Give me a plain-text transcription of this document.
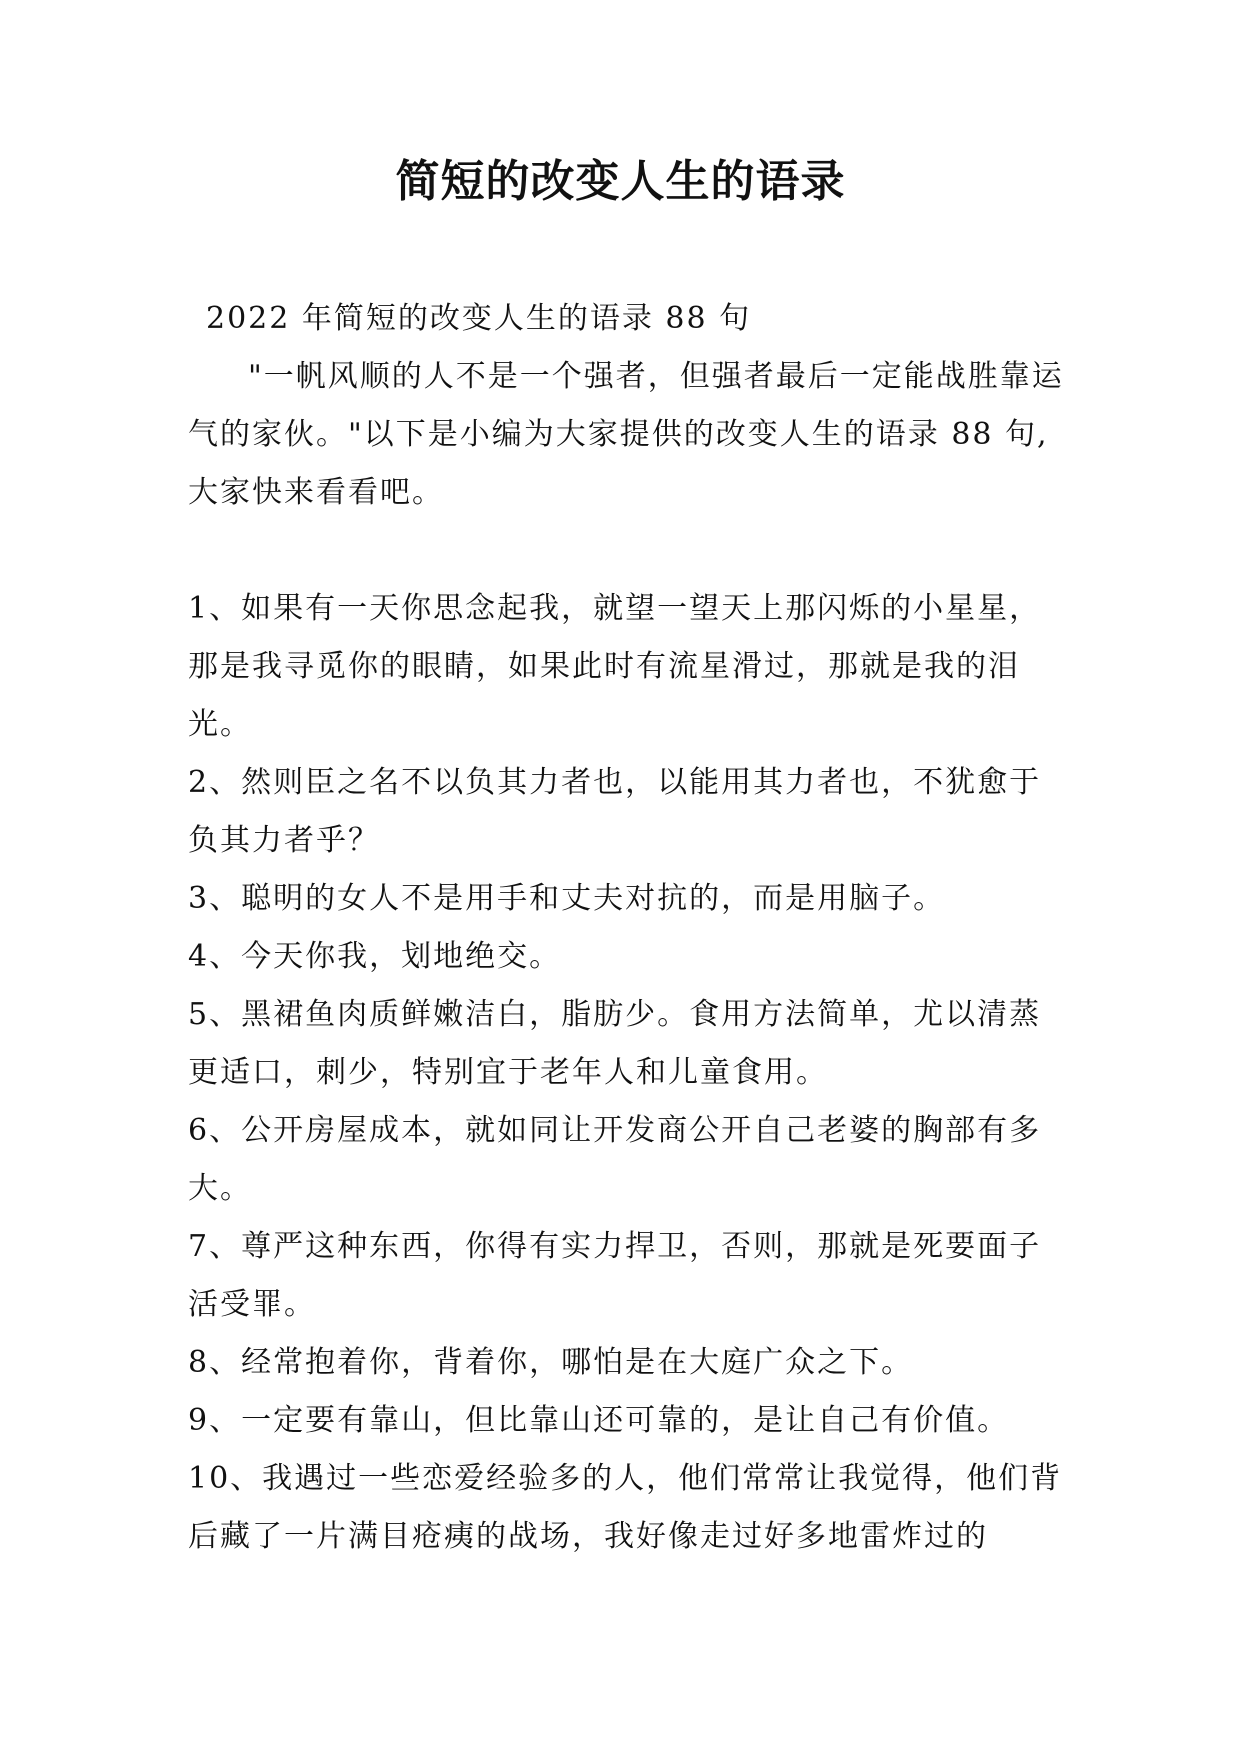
简短的改变人生的语录

2022 年简短的改变人生的语录 88 句

"一帆风顺的人不是一个强者，但强者最后一定能战胜靠运气的家伙。"以下是小编为大家提供的改变人生的语录 88 句,大家快来看看吧。

1、如果有一天你思念起我，就望一望天上那闪烁的小星星，那是我寻觅你的眼睛，如果此时有流星滑过，那就是我的泪光。

2、然则臣之名不以负其力者也，以能用其力者也，不犹愈于负其力者乎？

3、聪明的女人不是用手和丈夫对抗的，而是用脑子。

4、今天你我，划地绝交。

5、黑裙鱼肉质鲜嫩洁白，脂肪少。食用方法简单，尤以清蒸更适口，刺少，特别宜于老年人和儿童食用。

6、公开房屋成本，就如同让开发商公开自己老婆的胸部有多大。

7、尊严这种东西，你得有实力捍卫，否则，那就是死要面子活受罪。

8、经常抱着你，背着你，哪怕是在大庭广众之下。

9、一定要有靠山，但比靠山还可靠的，是让自己有价值。

10、我遇过一些恋爱经验多的人，他们常常让我觉得，他们背后藏了一片满目疮痍的战场，我好像走过好多地雷炸过的
